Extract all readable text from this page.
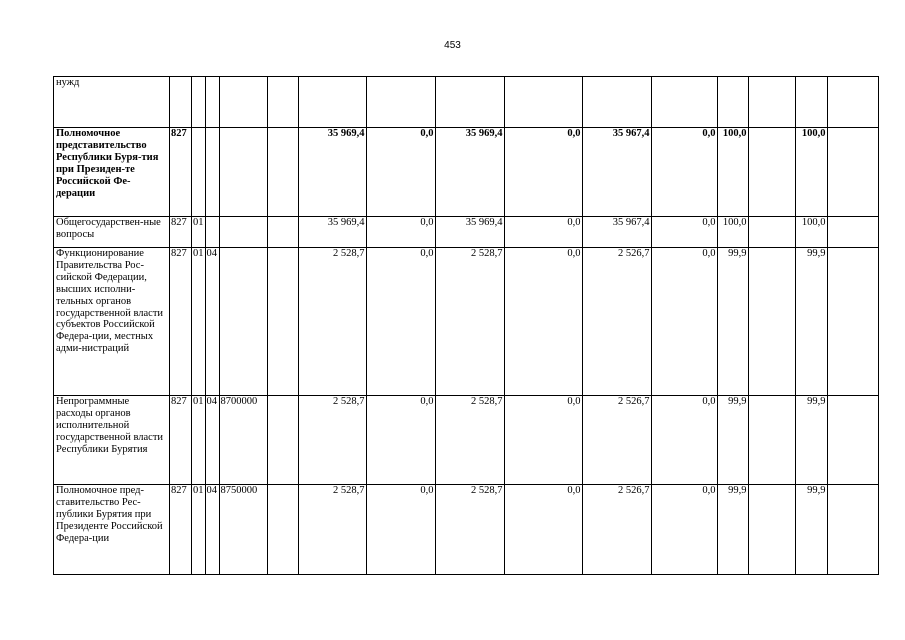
453
нужд															
Полномочное представительство Республики Буря-тия при Президен-те Российской Фе-дерации	827					35 969,4	0,0	35 969,4	0,0	35 967,4	0,0	100,0		100,0	
Общегосударствен-ные вопросы	827	01				35 969,4	0,0	35 969,4	0,0	35 967,4	0,0	100,0		100,0	
Функционирование Правительства Рос-сийской Федерации, высших исполни-тельных органов государственной власти субъектов Российской Федера-ции, местных адми-нистраций	827	01	04			2 528,7	0,0	2 528,7	0,0	2 526,7	0,0	99,9		99,9	
Непрограммные расходы органов исполнительной государственной власти Республики Бурятия	827	01	04	8700000		2 528,7	0,0	2 528,7	0,0	2 526,7	0,0	99,9		99,9	
Полномочное пред-ставительство Рес-публики Бурятия при Президенте Российской Федера-ции	827	01	04	8750000		2 528,7	0,0	2 528,7	0,0	2 526,7	0,0	99,9		99,9	
